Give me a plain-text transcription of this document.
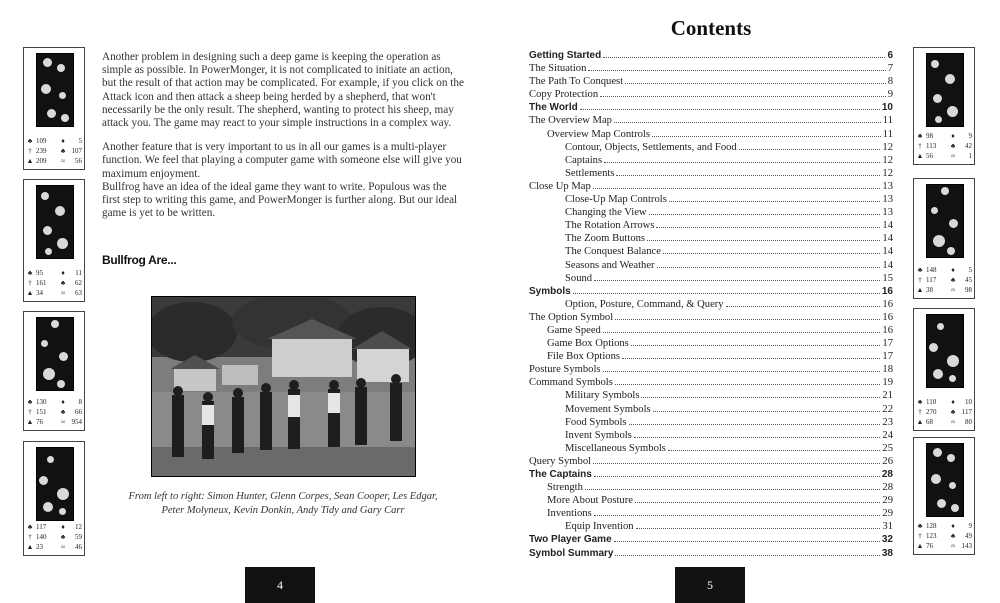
♣ 109	♦	5
† 239	♣ 107
▲ 209	≈	56
♣ 95	♦	11
† 161	♣	62
▲ 34	≈	63
♣ 130	♦	8
† 151	♣	66
▲ 76	≈ 954
♣ 117	♦	12
† 140	♣	59
▲ 23	≈	46
♣ 98	♦	9
† 113	♣	42
▲ 56	≈	1
♣ 148	♦	5
† 117	♣	45
▲ 38	≈	98
♣ 110	♦	10
† 270	♣ 117
▲ 68	≈	80
♣ 128	♦	9
† 123	♣	49
▲ 76	≈ 143

Another problem in designing such a deep game is keeping the operation as simple as possible. In PowerMonger, it is not complicated to initiate an action, but the result of that action may be complicated. For example, if you click on the Attack icon and then attack a sheep being herded by a shepherd, that won't necessarily be the only result. The shepherd, wanting to protect his sheep, may attack you. The game may react to your simple instructions in a complex way.

Another feature that is very important to us in all our games is a multi-player function. We feel that playing a computer game with someone else will give you maximum enjoyment.

Bullfrog have an idea of the ideal game they want to write. Populous was the first step to writing this game, and PowerMonger is further along. But our ideal game is yet to be written.

Bullfrog Are...
From left to right: Simon Hunter, Glenn Corpes, Sean Cooper, Les Edgar,
Peter Molyneux, Kevin Donkin, Andy Tidy and Gary Carr
4	5
Contents
Getting Started	6
The Situation	7
The Path To Conquest	8
Copy Protection	9
The World	10
The Overview Map	11
Overview Map Controls	11
Contour, Objects, Settlements, and Food	12
Captains	12
Settlements	12
Close Up Map	13
Close-Up Map Controls	13
Changing the View	13
The Rotation Arrows	14
The Zoom Buttons	14
The Conquest Balance	14
Seasons and Weather	14
Sound	15
Symbols	16
Option, Posture, Command, & Query	16
The Option Symbol	16
Game Speed	16
Game Box Options	17
File Box Options	17
Posture Symbols	18
Command Symbols	19
Military Symbols	21
Movement Symbols	22
Food Symbols	23
Invent Symbols	24
Miscellaneous Symbols	25
Query Symbol	26
The Captains	28
Strength	28
More About Posture	29
Inventions	29
Equip Invention	31
Two Player Game	32
Symbol Summary	38
